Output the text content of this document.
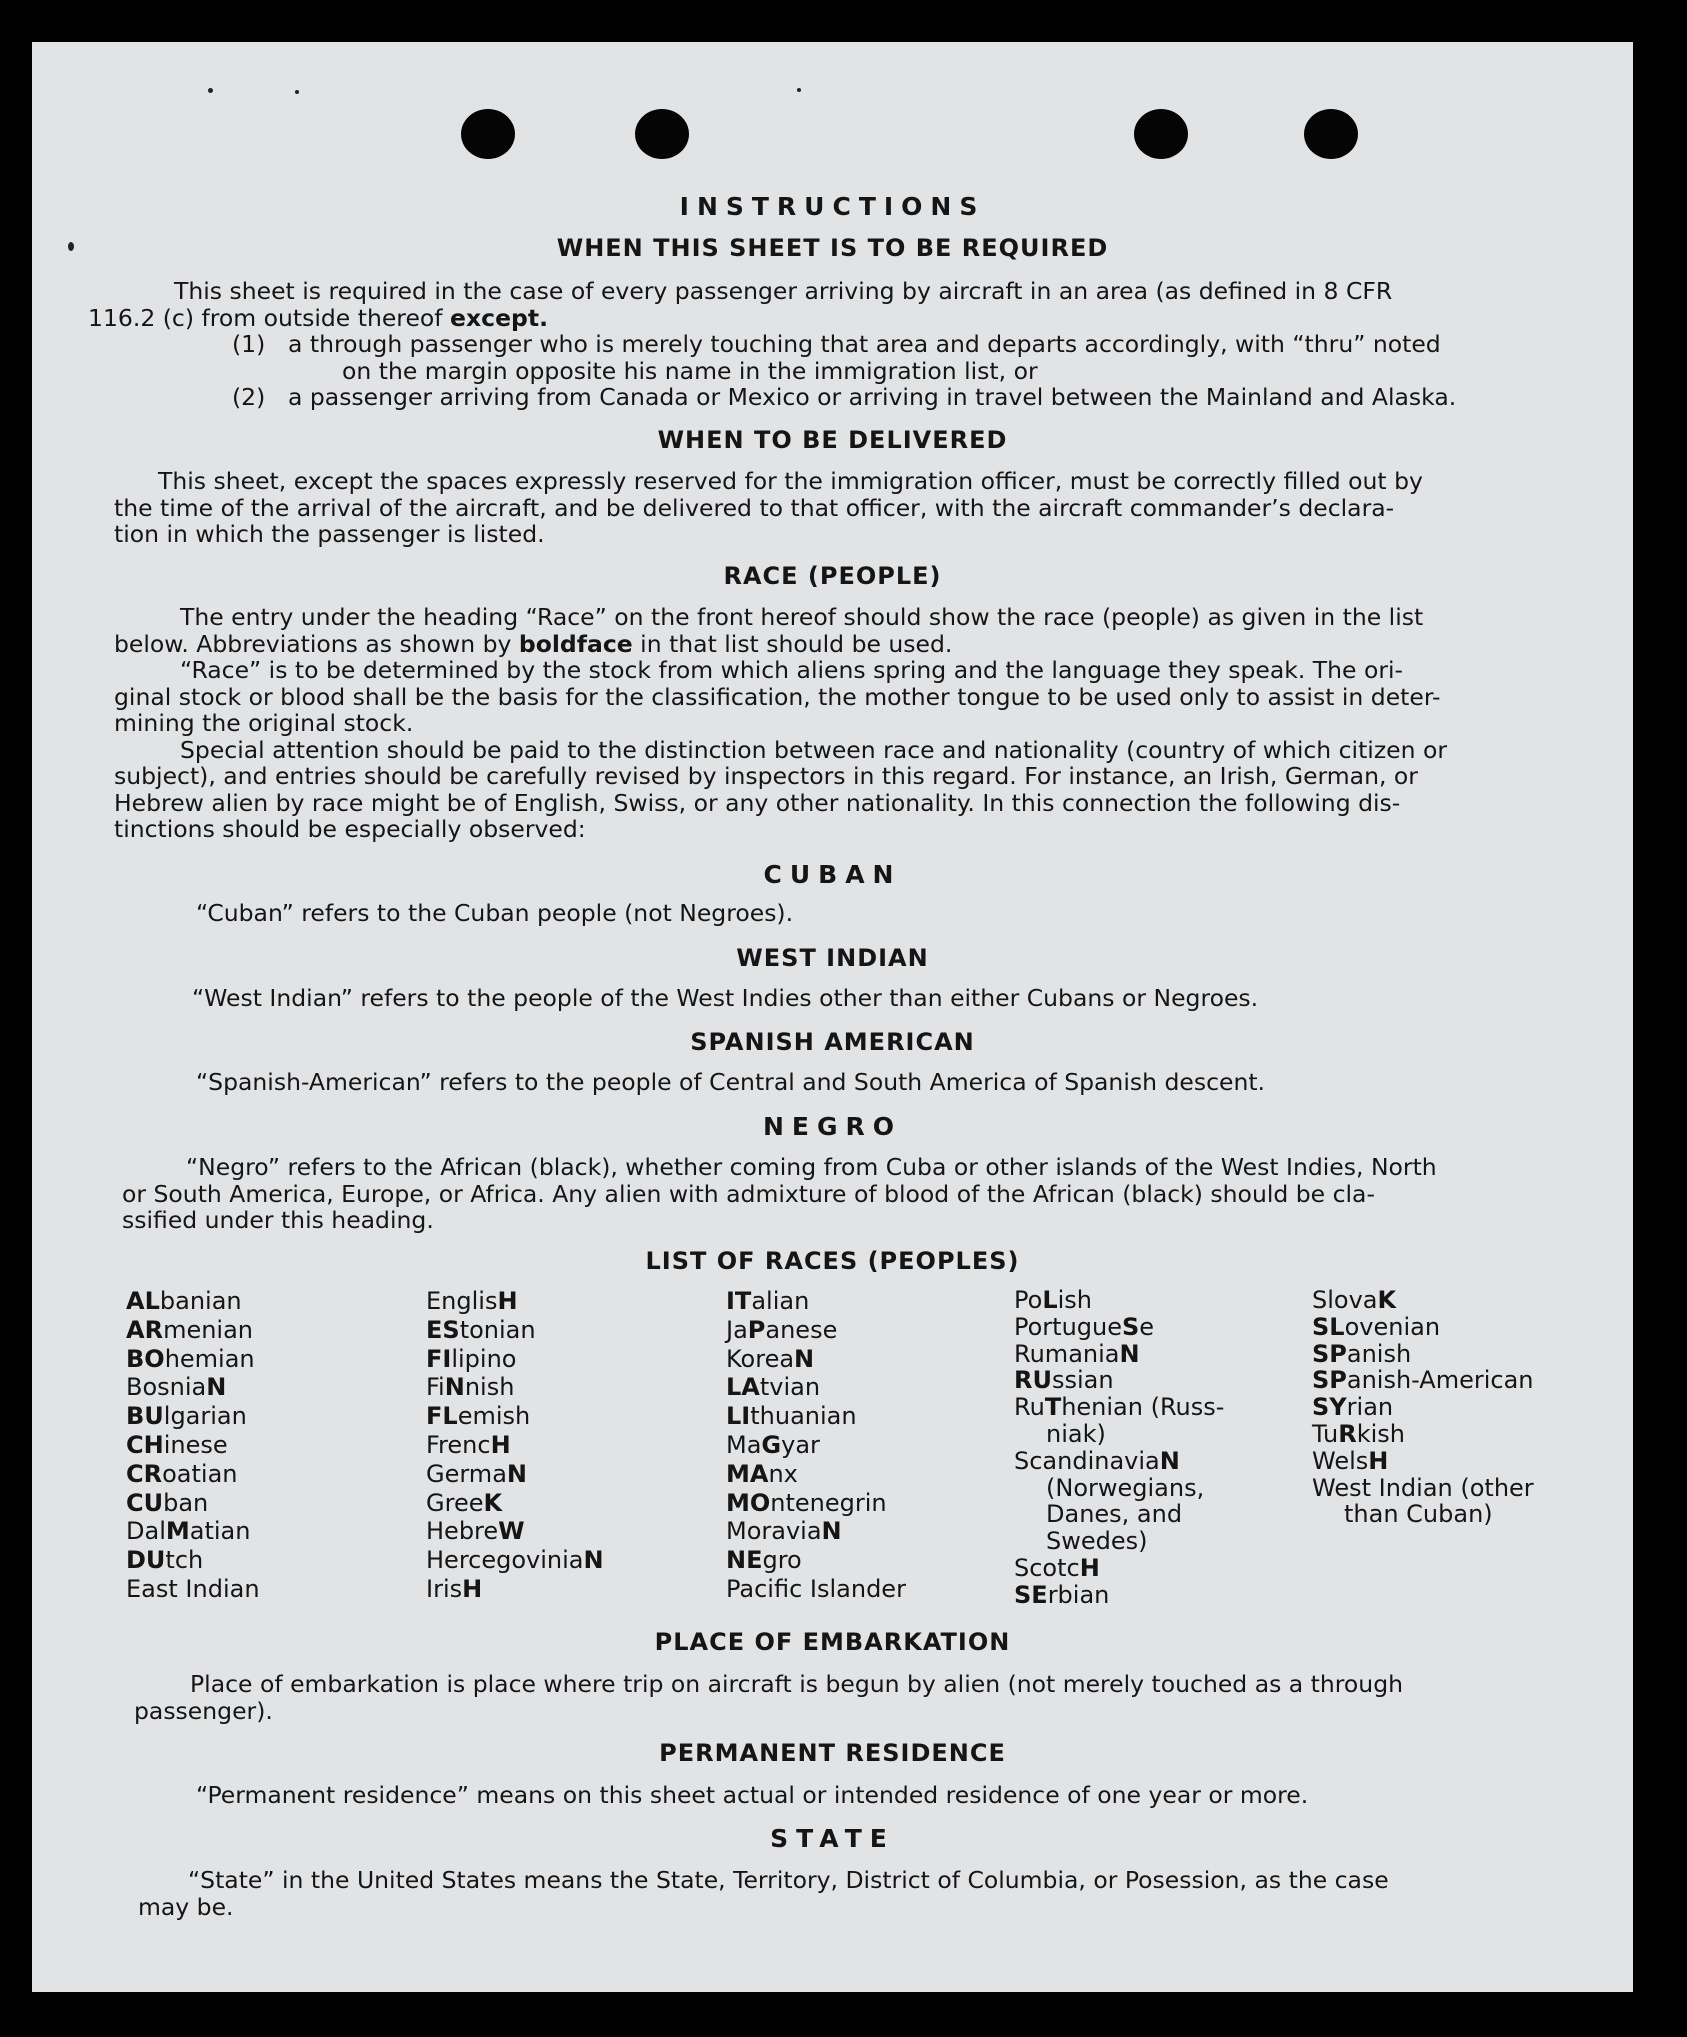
INSTRUCTIONS
WHEN THIS SHEET IS TO BE REQUIRED
This sheet is required in the case of every passenger arriving by aircraft in an area (as defined in 8 CFR
116.2 (c) from outside thereof except.
(1) a through passenger who is merely touching that area and departs accordingly, with “thru” noted
on the margin opposite his name in the immigration list, or
(2) a passenger arriving from Canada or Mexico or arriving in travel between the Mainland and Alaska.
WHEN TO BE DELIVERED
This sheet, except the spaces expressly reserved for the immigration officer, must be correctly filled out by
the time of the arrival of the aircraft, and be delivered to that officer, with the aircraft commander’s declara-
tion in which the passenger is listed.
RACE (PEOPLE)
The entry under the heading “Race” on the front hereof should show the race (people) as given in the list
below. Abbreviations as shown by boldface in that list should be used.
“Race” is to be determined by the stock from which aliens spring and the language they speak. The ori-
ginal stock or blood shall be the basis for the classification, the mother tongue to be used only to assist in deter-
mining the original stock.
Special attention should be paid to the distinction between race and nationality (country of which citizen or
subject), and entries should be carefully revised by inspectors in this regard. For instance, an Irish, German, or
Hebrew alien by race might be of English, Swiss, or any other nationality. In this connection the following dis-
tinctions should be especially observed:
CUBAN
“Cuban” refers to the Cuban people (not Negroes).
WEST INDIAN
“West Indian” refers to the people of the West Indies other than either Cubans or Negroes.
SPANISH AMERICAN
“Spanish-American” refers to the people of Central and South America of Spanish descent.
NEGRO
“Negro” refers to the African (black), whether coming from Cuba or other islands of the West Indies, North
or South America, Europe, or Africa. Any alien with admixture of blood of the African (black) should be cla-
ssified under this heading.
LIST OF RACES (PEOPLES)
ALbanian
ARmenian
BOhemian
BosniaN
BUlgarian
CHinese
CRoatian
CUban
DalMatian
DUtch
East Indian
EnglisH
EStonian
FIlipino
FiNnish
FLemish
FrencH
GermaN
GreeK
HebreW
HercegoviniaN
IrisH
ITalian
JaPanese
KoreaN
LAtvian
LIthuanian
MaGyar
MAnx
MOntenegrin
MoraviaN
NEgro
Pacific Islander
PoLish
PortugueSe
RumaniaN
RUssian
RuThenian (Russ-
niak)
ScandinaviaN
(Norwegians,
Danes, and
Swedes)
ScotcH
SErbian
SlovaK
SLovenian
SPanish
SPanish-American
SYrian
TuRkish
WelsH
West Indian (other
than Cuban)
PLACE OF EMBARKATION
Place of embarkation is place where trip on aircraft is begun by alien (not merely touched as a through
passenger).
PERMANENT RESIDENCE
“Permanent residence” means on this sheet actual or intended residence of one year or more.
STATE
“State” in the United States means the State, Territory, District of Columbia, or Posession, as the case
may be.
